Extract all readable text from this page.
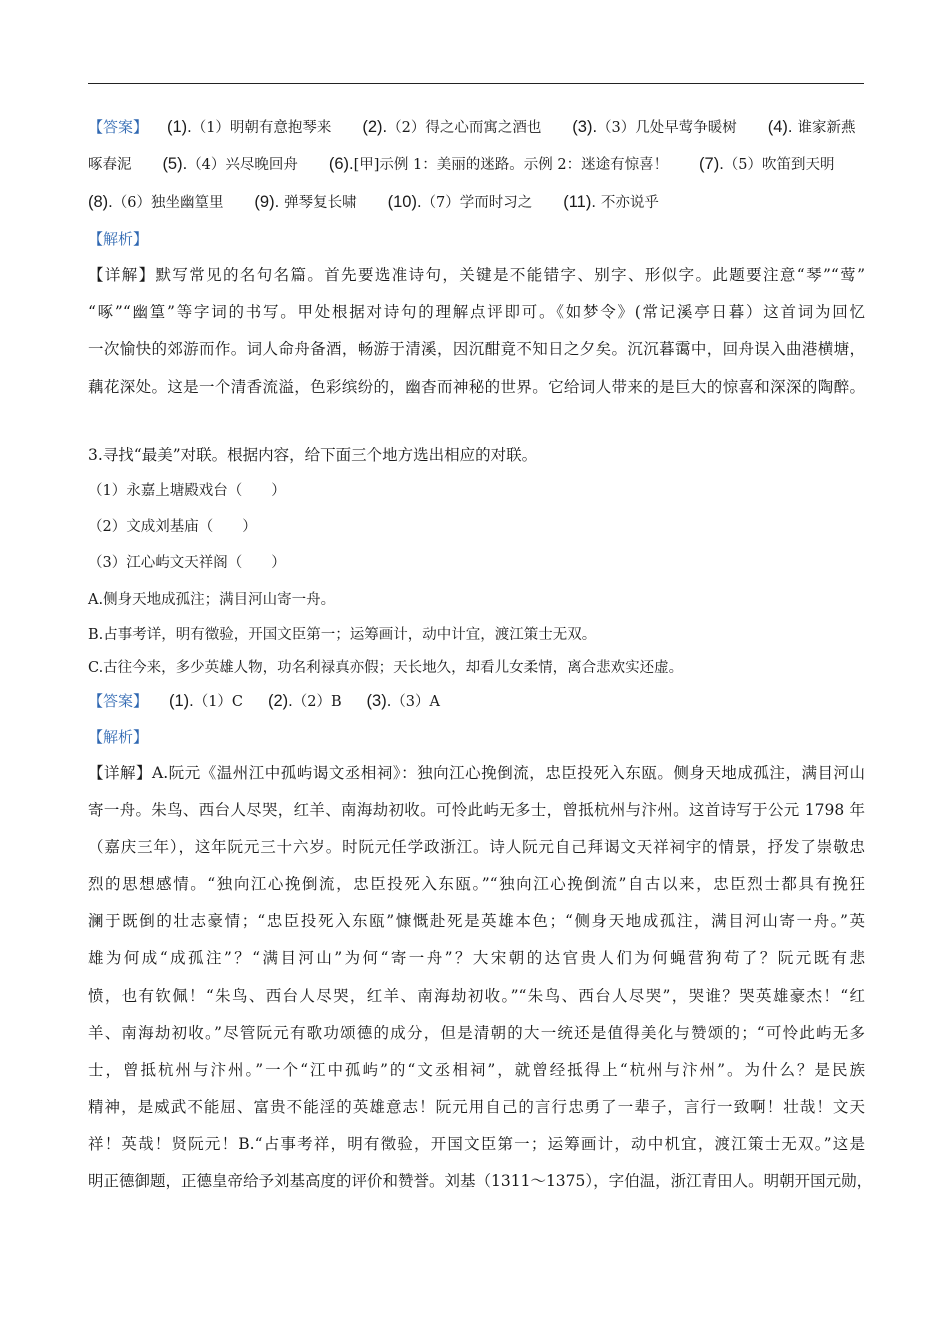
【答案】 (1).（1）明朝有意抱琴来 (2).（2）得之心而寓之酒也 (3).（3）几处早莺争暖树 (4). 谁家新燕
啄春泥 (5).（4）兴尽晚回舟 (6).[甲]示例 1：美丽的迷路。示例 2：迷途有惊喜！ (7).（5）吹笛到天明
(8).（6）独坐幽篁里 (9). 弹琴复长啸 (10).（7）学而时习之 (11). 不亦说乎
【解析】
【详解】默写常见的名句名篇。首先要选准诗句，关键是不能错字、别字、形似字。此题要注意“琴”“莺”
“啄”“幽篁”等字词的书写。甲处根据对诗句的理解点评即可。《如梦令》(常记溪亭日暮）这首词为回忆
一次愉快的郊游而作。词人命舟备酒，畅游于清溪，因沉酣竟不知日之夕矣。沉沉暮霭中，回舟误入曲港横塘，
藕花深处。这是一个清香流溢，色彩缤纷的，幽杳而神秘的世界。它给词人带来的是巨大的惊喜和深深的陶醉。
3.寻找“最美”对联。根据内容，给下面三个地方选出相应的对联。
（1）永嘉上塘殿戏台（　　）
（2）文成刘基庙（　　）
（3）江心屿文天祥阁（　　）
A.侧身天地成孤注；满目河山寄一舟。
B.占事考详，明有徵验，开国文臣第一；运筹画计，动中计宜，渡江策士无双。
C.古往今来，多少英雄人物，功名利禄真亦假；天长地久，却看儿女柔情，离合悲欢实还虚。
【答案】 (1).（1）C (2).（2）B (3).（3）A
【解析】
【详解】A.阮元《温州江中孤屿谒文丞相祠》：独向江心挽倒流，忠臣投死入东瓯。侧身天地成孤注，满目河山
寄一舟。朱鸟、西台人尽哭，红羊、南海劫初收。可怜此屿无多士，曾抵杭州与汴州。这首诗写于公元 1798 年
（嘉庆三年），这年阮元三十六岁。时阮元任学政浙江。诗人阮元自己拜谒文天祥祠宇的情景，抒发了崇敬忠
烈的思想感情。“独向江心挽倒流，忠臣投死入东瓯。”“独向江心挽倒流”自古以来，忠臣烈士都具有挽狂
澜于既倒的壮志豪情；“忠臣投死入东瓯”慷慨赴死是英雄本色；“侧身天地成孤注，满目河山寄一舟。”英
雄为何成“成孤注”？“满目河山”为何“寄一舟”？大宋朝的达官贵人们为何蝇营狗苟了？阮元既有悲
愤，也有钦佩！“朱鸟、西台人尽哭，红羊、南海劫初收。”“朱鸟、西台人尽哭”，哭谁？哭英雄豪杰！“红
羊、南海劫初收。”尽管阮元有歌功颂德的成分，但是清朝的大一统还是值得美化与赞颂的；“可怜此屿无多
士，曾抵杭州与汴州。”一个“江中孤屿”的“文丞相祠”，就曾经抵得上“杭州与汴州”。为什么？是民族
精神，是威武不能屈、富贵不能淫的英雄意志！阮元用自己的言行忠勇了一辈子，言行一致啊！壮哉！文天
祥！英哉！贤阮元！B.“占事考祥，明有徵验，开国文臣第一；运筹画计，动中机宜，渡江策士无双。”这是
明正德御题，正德皇帝给予刘基高度的评价和赞誉。刘基（1311～1375），字伯温，浙江青田人。明朝开国元勋，
